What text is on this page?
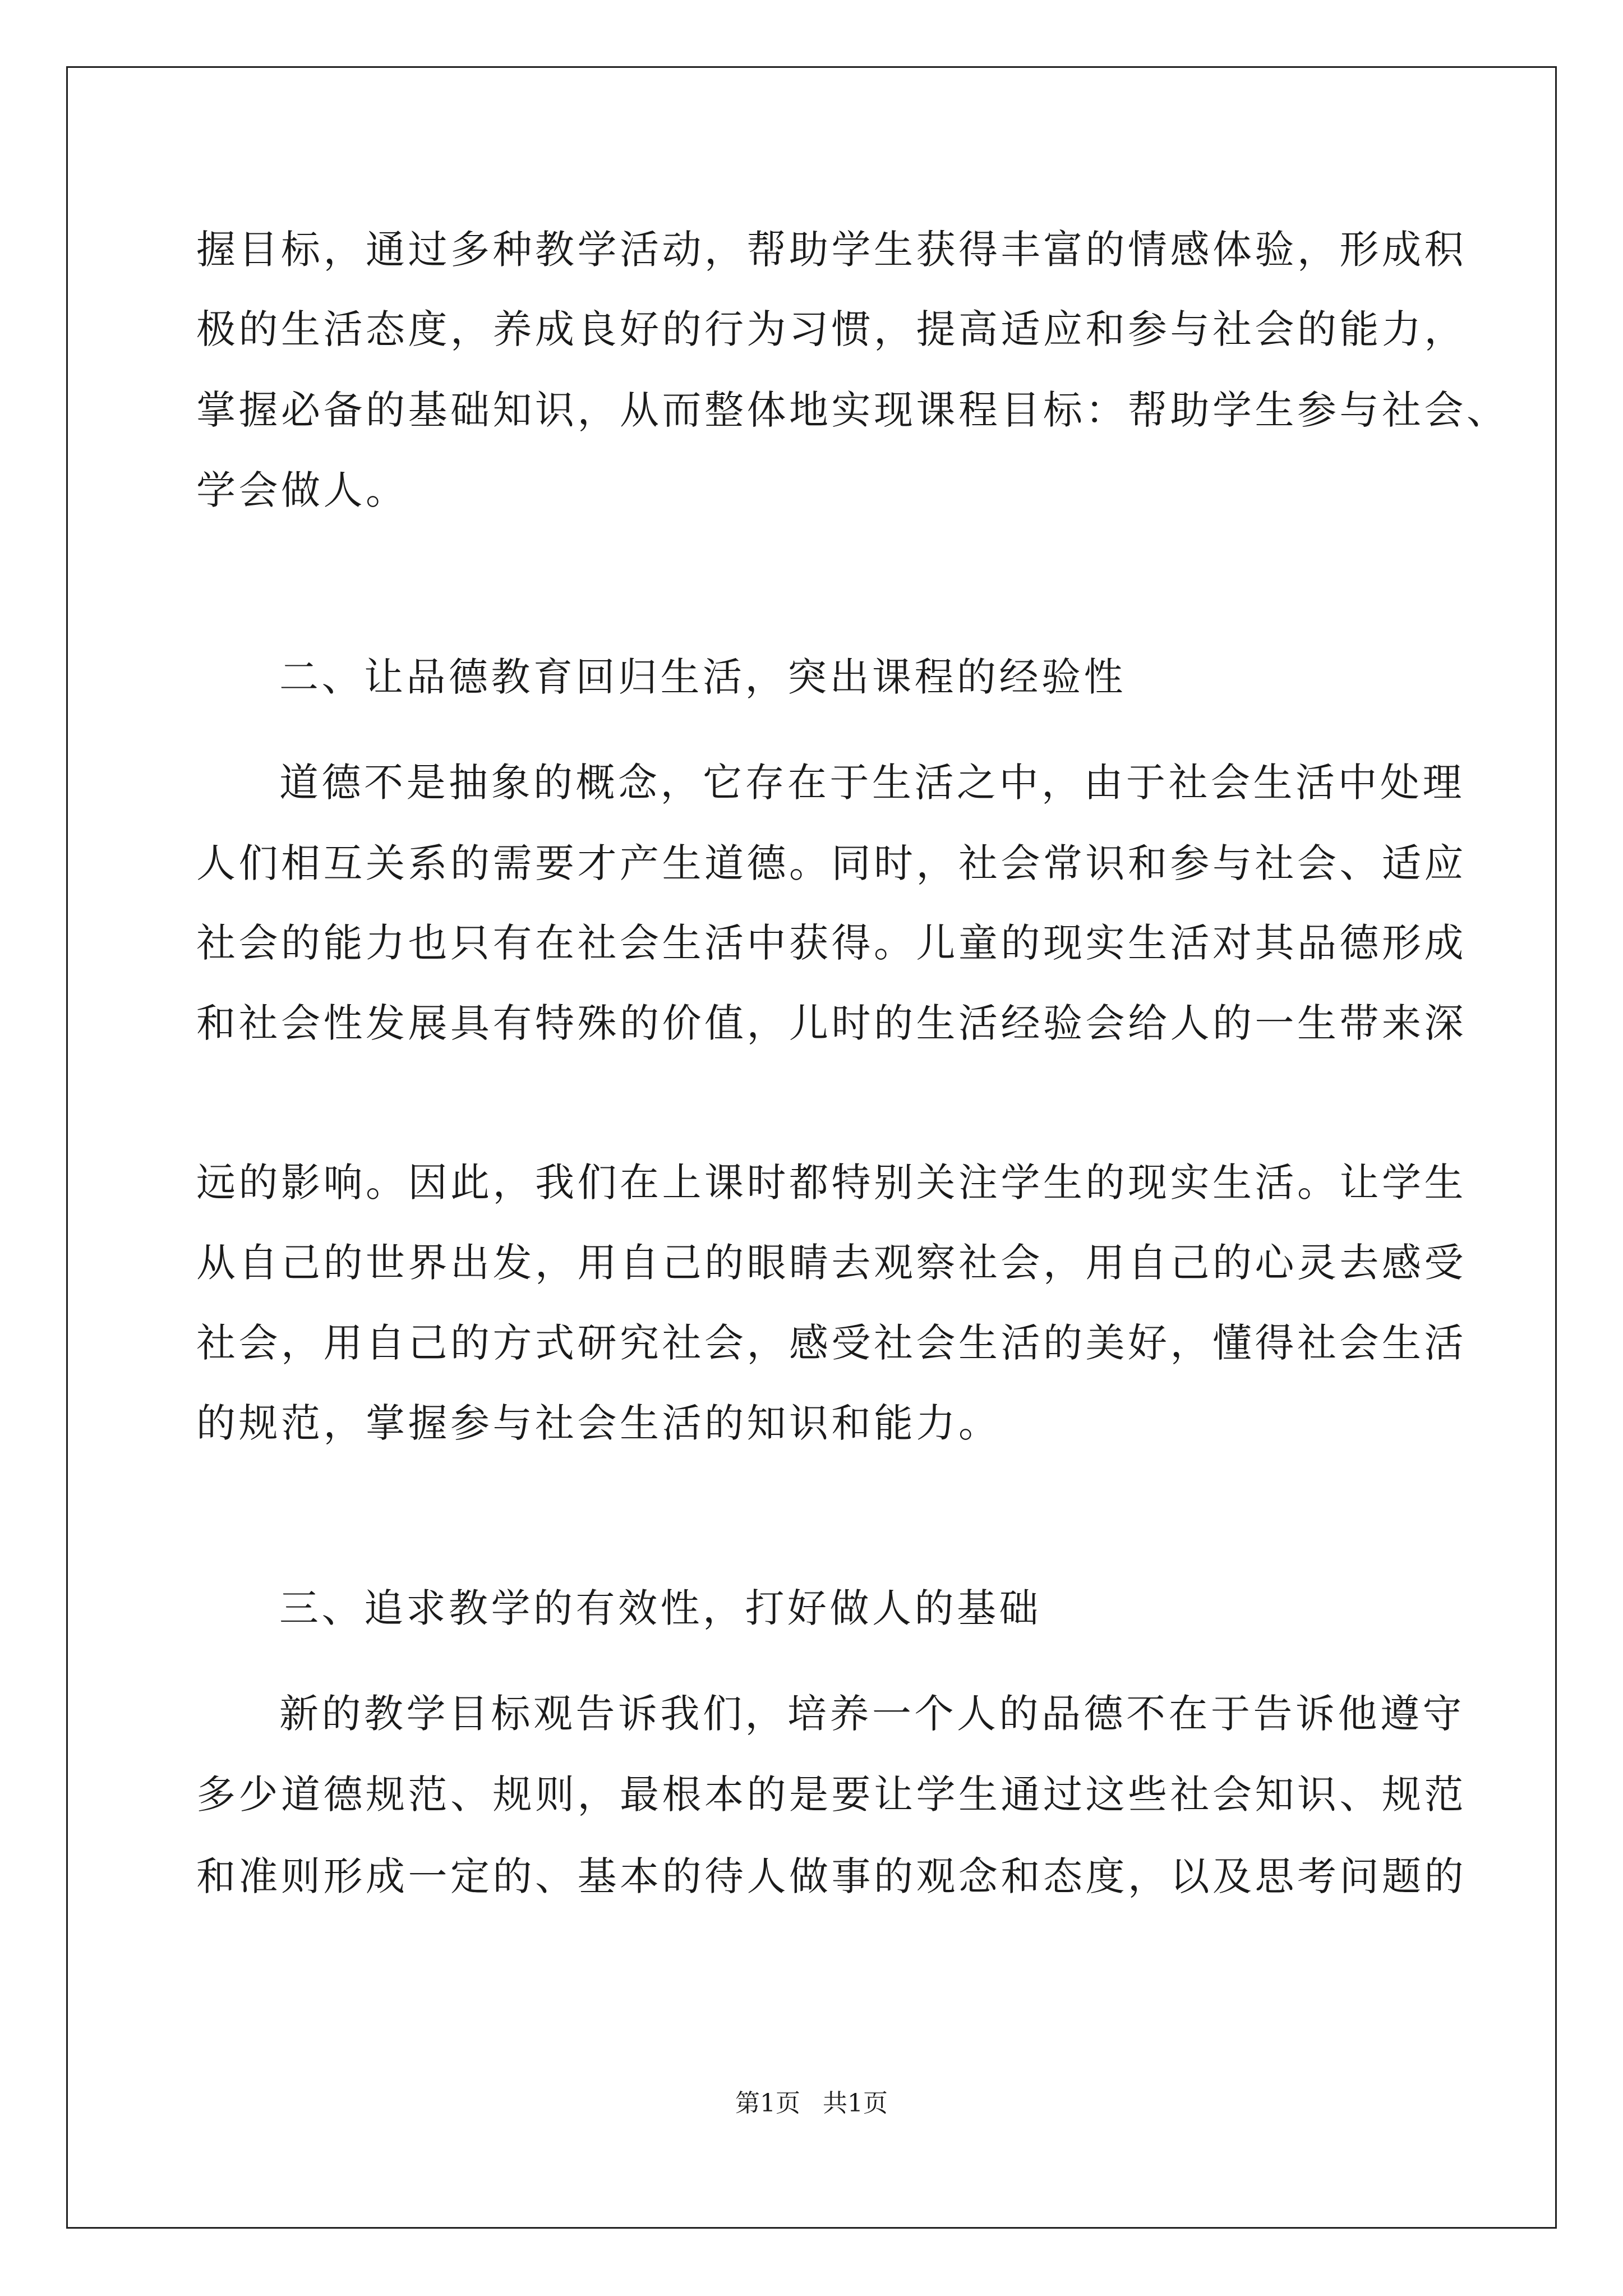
握目标，通过多种教学活动，帮助学生获得丰富的情感体验，形成积
极的生活态度，养成良好的行为习惯，提高适应和参与社会的能力，
掌握必备的基础知识，从而整体地实现课程目标：帮助学生参与社会、
学会做人。
二、让品德教育回归生活，突出课程的经验性
道德不是抽象的概念，它存在于生活之中，由于社会生活中处理
人们相互关系的需要才产生道德。同时，社会常识和参与社会、适应
社会的能力也只有在社会生活中获得。儿童的现实生活对其品德形成
和社会性发展具有特殊的价值，儿时的生活经验会给人的一生带来深
远的影响。因此，我们在上课时都特别关注学生的现实生活。让学生
从自己的世界出发，用自己的眼睛去观察社会，用自己的心灵去感受
社会，用自己的方式研究社会，感受社会生活的美好，懂得社会生活
的规范，掌握参与社会生活的知识和能力。
三、追求教学的有效性，打好做人的基础
新的教学目标观告诉我们，培养一个人的品德不在于告诉他遵守
多少道德规范、规则，最根本的是要让学生通过这些社会知识、规范
和准则形成一定的、基本的待人做事的观念和态度，以及思考问题的
第1页 共1页
